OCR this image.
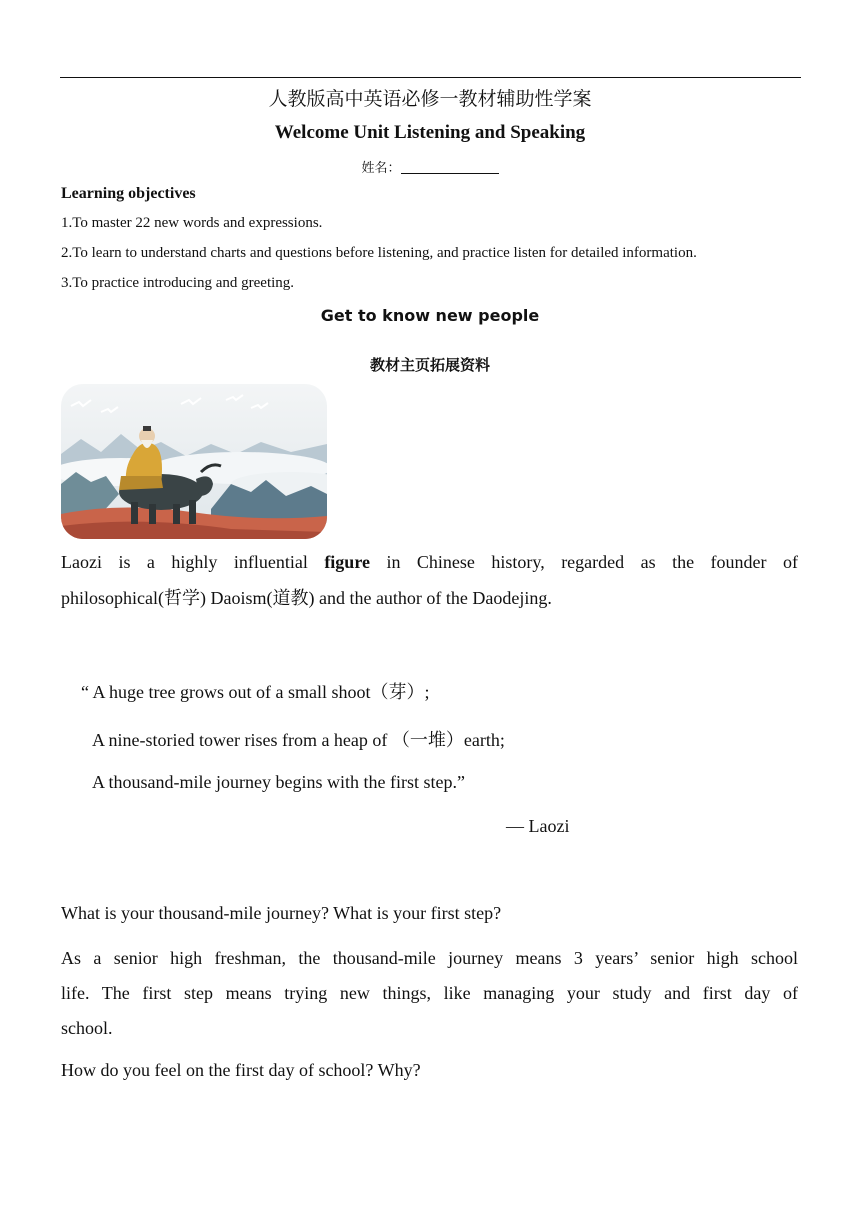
人教版高中英语必修一教材辅助性学案
Welcome Unit Listening and Speaking
姓名：
Learning objectives
1.To master 22 new words and expressions.
2.To learn to understand charts and questions before listening, and practice listen for detailed information.
3.To practice introducing and greeting.
Get to know new people
教材主页拓展资料
Laozi is a highly influential figure in Chinese history, regarded as the founder of
philosophical(哲学) Daoism(道教) and the author of the Daodejing.
“ A huge tree grows out of a small shoot（芽）;
A nine-storied tower rises from a heap of （一堆）earth;
A thousand-mile journey begins with the first step.”
— Laozi
What is your thousand-mile journey? What is your first step?
As a senior high freshman, the thousand-mile journey means 3 years’ senior high school
life. The first step means trying new things, like managing your study and first day of
school.
How do you feel on the first day of school? Why?
